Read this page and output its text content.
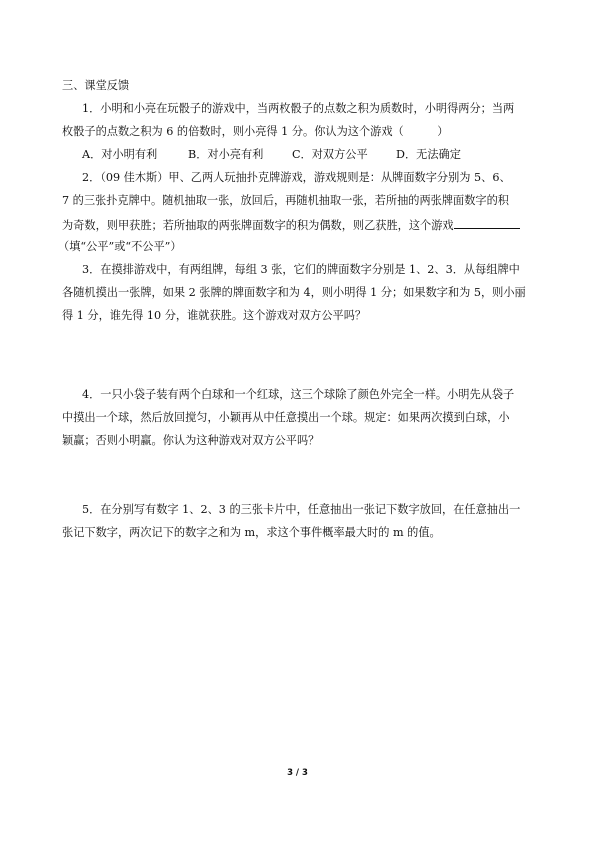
三、课堂反馈
1．小明和小亮在玩骰子的游戏中，当两枚骰子的点数之积为质数时，小明得两分；当两
枚骰子的点数之积为 6 的倍数时，则小亮得 1 分。你认为这个游戏（　　　）
A．对小明有利	B．对小亮有利	C．对双方公平	D．无法确定
2．（09 佳木斯）甲、乙两人玩抽扑克牌游戏，游戏规则是：从牌面数字分别为 5、6、
7 的三张扑克牌中。随机抽取一张，放回后，再随机抽取一张，若所抽的两张牌面数字的积
为奇数，则甲获胜；若所抽取的两张牌面数字的积为偶数，则乙获胜，这个游戏
（填“公平”或“不公平”）
3．在摸排游戏中，有两组牌，每组 3 张，它们的牌面数字分别是 1、2、3．从每组牌中
各随机摸出一张牌，如果 2 张牌的牌面数字和为 4，则小明得 1 分；如果数字和为 5，则小丽
得 1 分，谁先得 10 分，谁就获胜。这个游戏对双方公平吗？
4．一只小袋子装有两个白球和一个红球，这三个球除了颜色外完全一样。小明先从袋子
中摸出一个球，然后放回搅匀，小颖再从中任意摸出一个球。规定：如果两次摸到白球，小
颖赢；否则小明赢。你认为这种游戏对双方公平吗？
5．在分别写有数字 1、2、3 的三张卡片中，任意抽出一张记下数字放回，在任意抽出一
张记下数字，两次记下的数字之和为 m，求这个事件概率最大时的 m 的值。
3 / 3
